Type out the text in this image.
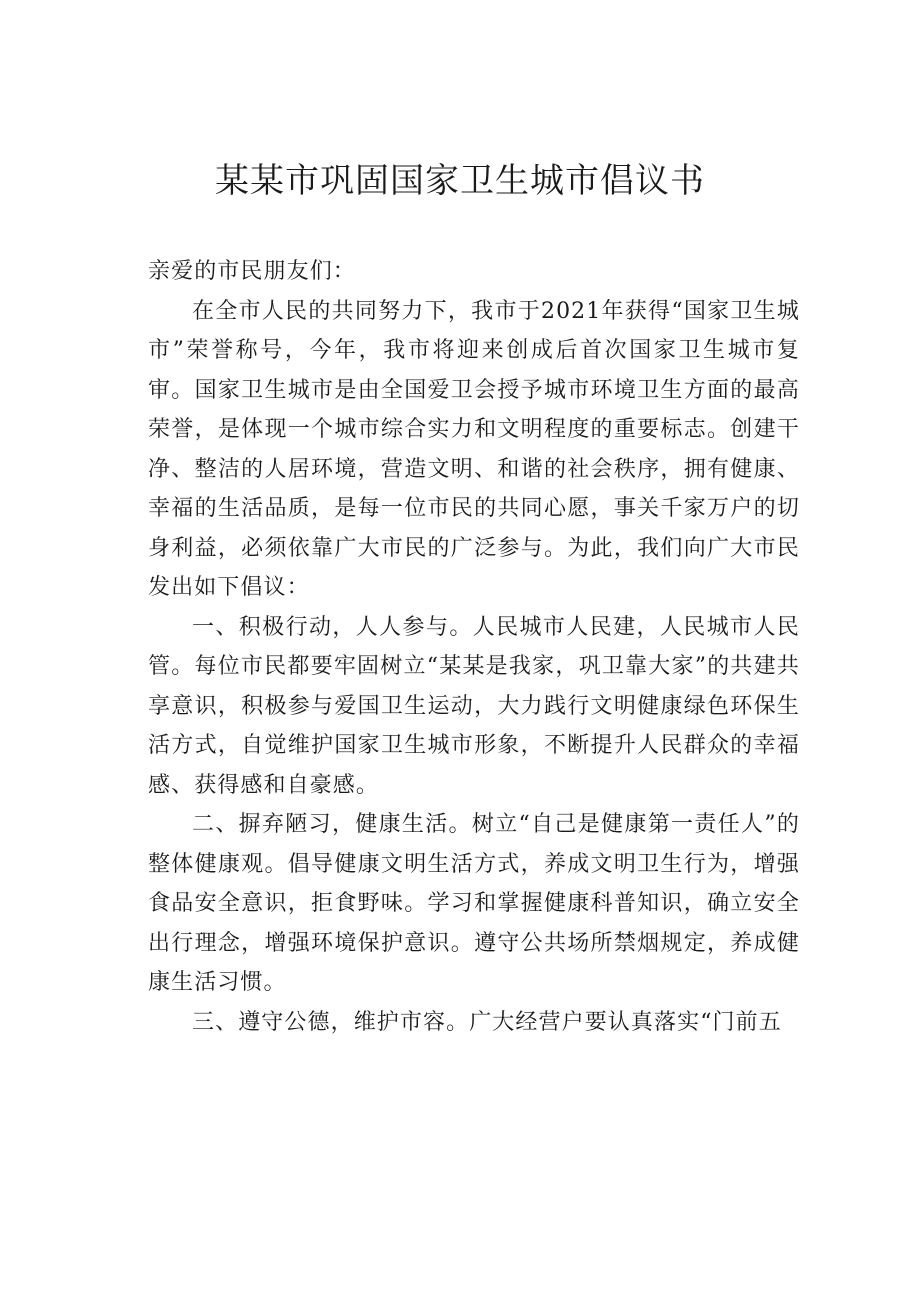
某某市巩固国家卫生城市倡议书

亲爱的市民朋友们：

在全市人民的共同努力下，我市于2021年获得“国家卫生城市”荣誉称号，今年，我市将迎来创成后首次国家卫生城市复审。国家卫生城市是由全国爱卫会授予城市环境卫生方面的最高荣誉，是体现一个城市综合实力和文明程度的重要标志。创建干净、整洁的人居环境，营造文明、和谐的社会秩序，拥有健康、幸福的生活品质，是每一位市民的共同心愿，事关千家万户的切身利益，必须依靠广大市民的广泛参与。为此，我们向广大市民发出如下倡议：

一、积极行动，人人参与。人民城市人民建，人民城市人民管。每位市民都要牢固树立“某某是我家，巩卫靠大家”的共建共享意识，积极参与爱国卫生运动，大力践行文明健康绿色环保生活方式，自觉维护国家卫生城市形象，不断提升人民群众的幸福感、获得感和自豪感。

二、摒弃陋习，健康生活。树立“自己是健康第一责任人”的整体健康观。倡导健康文明生活方式，养成文明卫生行为，增强食品安全意识，拒食野味。学习和掌握健康科普知识，确立安全出行理念，增强环境保护意识。遵守公共场所禁烟规定，养成健康生活习惯。

三、遵守公德，维护市容。广大经营户要认真落实“门前五
